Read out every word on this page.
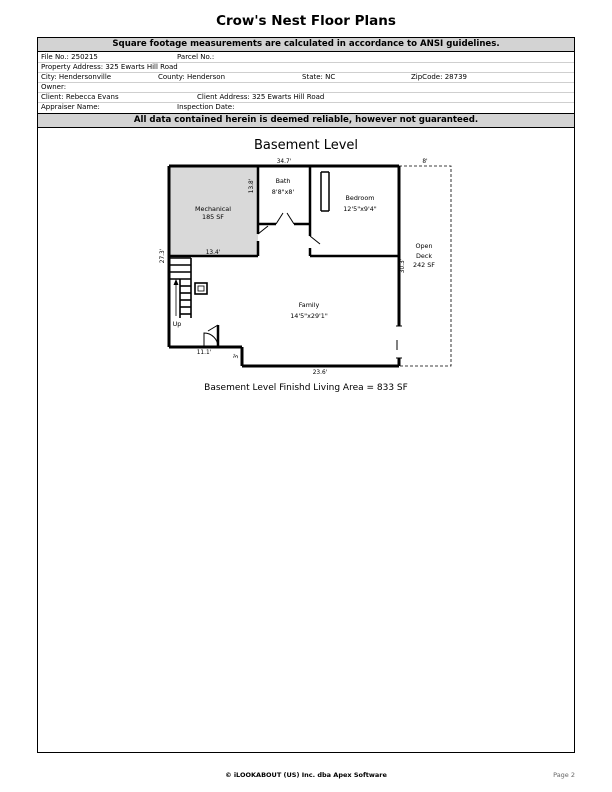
Crow's Nest Floor Plans
Square footage measurements are calculated in accordance to ANSI guidelines.
File No.: 250215	Parcel No.:
Property Address: 325 Ewarts Hill Road
City: Hendersonville	County: Henderson	State: NC	ZipCode: 28739
Owner:
Client: Rebecca Evans	Client Address: 325 Ewarts Hill Road
Appraiser Name:	Inspection Date:
All data contained herein is deemed reliable, however not guaranteed.
Basement Level
Mechanical
185 SF
Bath
8'8"x8'
Bedroom
12'5"x9'4"
Family
14'5"x29'1"
Open
Deck
242 SF
Up
34.7'	8'
13.4'
11.1'
23.6'
13.8'
27.3'
30.3'
3'
Basement Level Finishd Living Area = 833 SF
© iLOOKABOUT (US) Inc. dba Apex Software	Page 2
